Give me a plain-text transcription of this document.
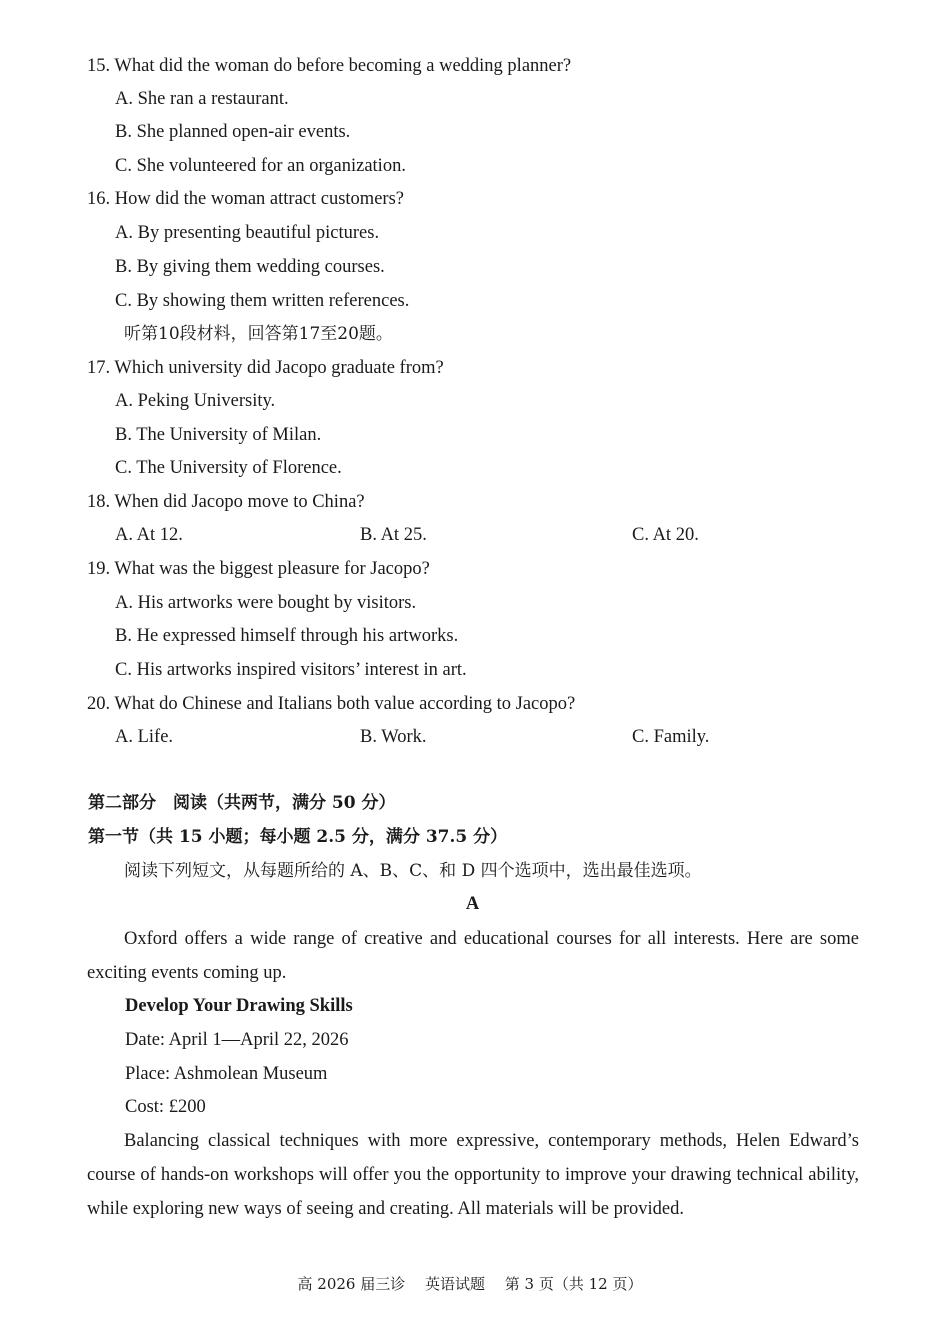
15. What did the woman do before becoming a wedding planner?
A. She ran a restaurant.
B. She planned open-air events.
C. She volunteered for an organization.
16. How did the woman attract customers?
A. By presenting beautiful pictures.
B. By giving them wedding courses.
C. By showing them written references.
听第10段材料，回答第17至20题。
17. Which university did Jacopo graduate from?
A. Peking University.
B. The University of Milan.
C. The University of Florence.
18. When did Jacopo move to China?
A. At 12.	B. At 25.	C. At 20.
19. What was the biggest pleasure for Jacopo?
A. His artworks were bought by visitors.
B. He expressed himself through his artworks.
C. His artworks inspired visitors’ interest in art.
20. What do Chinese and Italians both value according to Jacopo?
A. Life.	B. Work.	C. Family.
第二部分　阅读（共两节，满分 50 分）
第一节（共 15 小题；每小题 2.5 分，满分 37.5 分）
阅读下列短文，从每题所给的 A、B、C、和 D 四个选项中，选出最佳选项。
A
Oxford offers a wide range of creative and educational courses for all interests. Here are some exciting events coming up.
Develop Your Drawing Skills
Date: April 1—April 22, 2026
Place: Ashmolean Museum
Cost: £200
Balancing classical techniques with more expressive, contemporary methods, Helen Edward’s course of hands-on workshops will offer you the opportunity to improve your drawing technical ability, while exploring new ways of seeing and creating. All materials will be provided.
高 2026 届三诊　 英语试题　 第 3 页（共 12 页）
